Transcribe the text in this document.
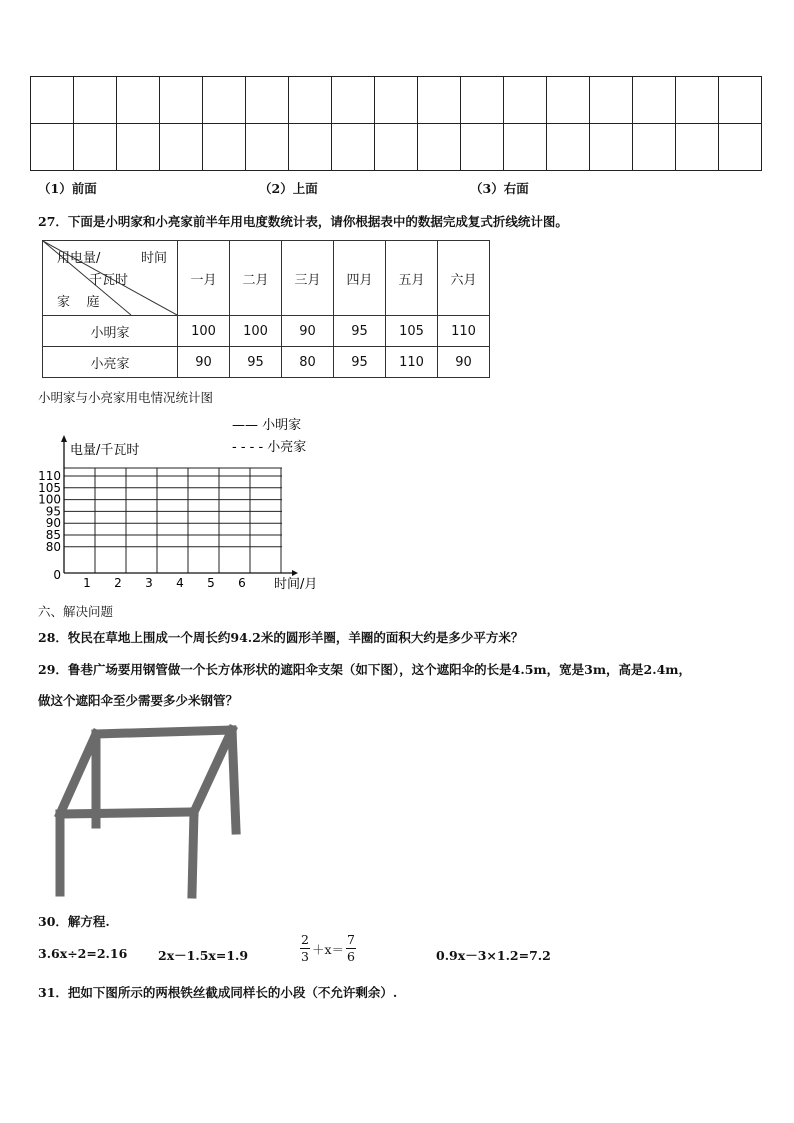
（1）前面	（2）上面	（3）右面
27．下面是小明家和小亮家前半年用电度数统计表，请你根据表中的数据完成复式折线统计图。
用电量/ 时间
千瓦时
家    庭	一月	二月	三月	四月	五月	六月
小明家	100	100	90	95	105	110
小亮家	90	95	80	95	110	90
小明家与小亮家用电情况统计图
电量/千瓦时
—— 小明家
- - - - 小亮家
时间/月
110
105
100
95
90
85
80
0
1 2 3 4 5 6
六、解决问题
28．牧民在草地上围成一个周长约94.2米的圆形羊圈，羊圈的面积大约是多少平方米？
29．鲁巷广场要用钢管做一个长方体形状的遮阳伞支架（如下图），这个遮阳伞的长是4.5m，宽是3m，高是2.4m，
做这个遮阳伞至少需要多少米钢管？
30．解方程.
3.6x÷2=2.16 2x－1.5x=1.9	$\frac{2}{3} +x= \frac{7}{6}$	0.9x－3×1.2=7.2
31．把如下图所示的两根铁丝截成同样长的小段（不允许剩余）.
